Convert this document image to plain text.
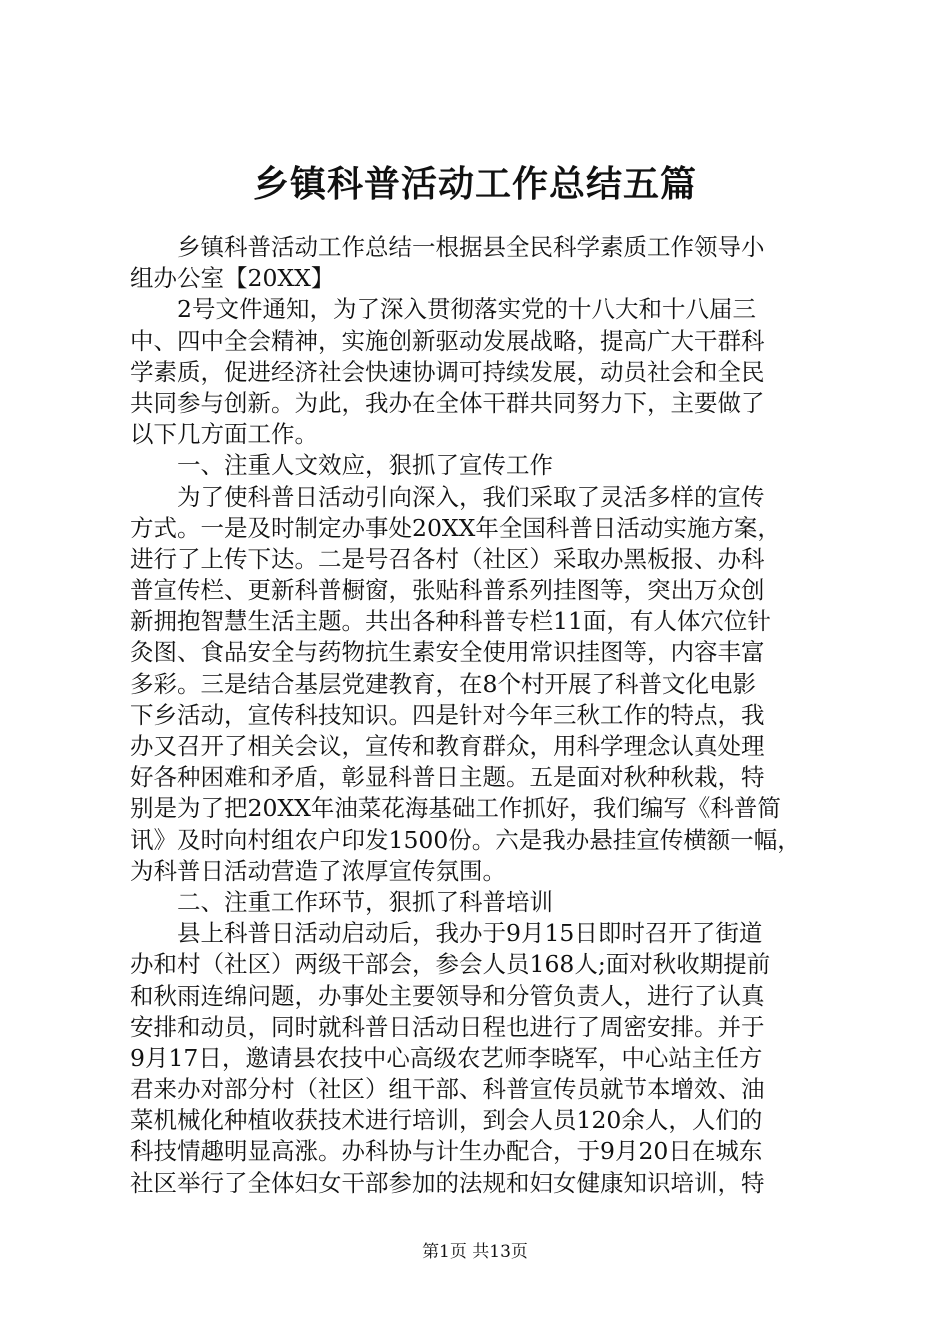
乡镇科普活动工作总结五篇
　　乡镇科普活动工作总结一根据县全民科学素质工作领导小
组办公室【20XX】
　　2号文件通知，为了深入贯彻落实党的十八大和十八届三
中、四中全会精神，实施创新驱动发展战略，提高广大干群科
学素质，促进经济社会快速协调可持续发展，动员社会和全民
共同参与创新。为此，我办在全体干群共同努力下，主要做了
以下几方面工作。
　　一、注重人文效应，狠抓了宣传工作
　　为了使科普日活动引向深入，我们采取了灵活多样的宣传
方式。一是及时制定办事处20XX年全国科普日活动实施方案，
进行了上传下达。二是号召各村（社区）采取办黑板报、办科
普宣传栏、更新科普橱窗，张贴科普系列挂图等，突出万众创
新拥抱智慧生活主题。共出各种科普专栏11面，有人体穴位针
灸图、食品安全与药物抗生素安全使用常识挂图等，内容丰富
多彩。三是结合基层党建教育，在8个村开展了科普文化电影
下乡活动，宣传科技知识。四是针对今年三秋工作的特点，我
办又召开了相关会议，宣传和教育群众，用科学理念认真处理
好各种困难和矛盾，彰显科普日主题。五是面对秋种秋栽，特
别是为了把20XX年油菜花海基础工作抓好，我们编写《科普简
讯》及时向村组农户印发1500份。六是我办悬挂宣传横额一幅，
为科普日活动营造了浓厚宣传氛围。
　　二、注重工作环节，狠抓了科普培训
　　县上科普日活动启动后，我办于9月15日即时召开了街道
办和村（社区）两级干部会，参会人员168人;面对秋收期提前
和秋雨连绵问题，办事处主要领导和分管负责人，进行了认真
安排和动员，同时就科普日活动日程也进行了周密安排。并于
9月17日，邀请县农技中心高级农艺师李晓军，中心站主任方
君来办对部分村（社区）组干部、科普宣传员就节本增效、油
菜机械化种植收获技术进行培训，到会人员120余人，人们的
科技情趣明显高涨。办科协与计生办配合，于9月20日在城东
社区举行了全体妇女干部参加的法规和妇女健康知识培训，特
第1页 共13页
